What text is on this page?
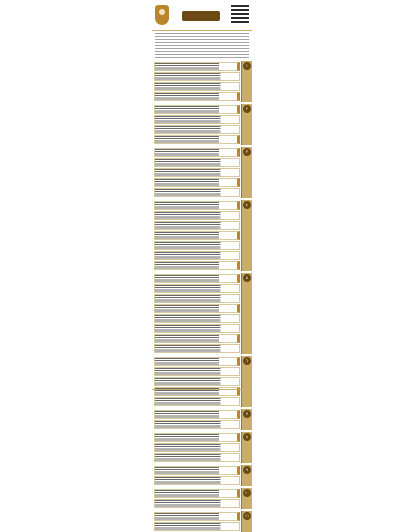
١
٢
٣
٤
٥
٦
٧
٨
٩
١٠
١١
